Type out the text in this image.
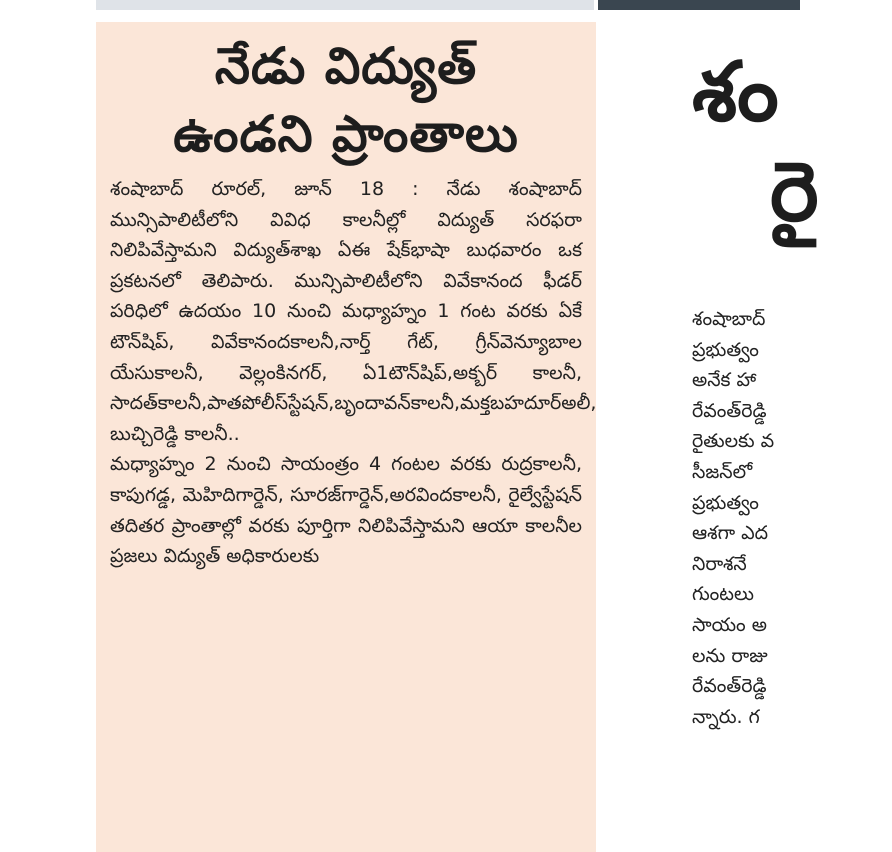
నేడు విద్యుత్
ఉండని ప్రాంతాలు

శంషాబాద్ రూరల్, జూన్ 18 : నేడు శంషాబాద్ మున్సిపాలిటీలోని వివిధ కాలనీల్లో విద్యుత్ సరఫరా నిలిపివేస్తామని విద్యుత్‌శాఖ ఏఈ షేక్‌భాషా బుధవారం ఒక ప్రకటనలో తెలిపారు. మున్సిపాలిటీలోని వివేకానంద ఫీడర్ పరిధిలో ఉదయం 10 నుంచి మధ్యాహ్నం 1 గంట వరకు ఏకే టౌన్‌షిప్, వివేకానందకాలనీ,నార్త్ గేట్, గ్రీన్‌వెన్యూబాల యేసుకాలనీ, వెల్లంకినగర్, ఏ1టౌన్‌షిప్,అక్బర్ కాలనీ, సాదత్‌కాలనీ,పాతపోలీస్‌స్టేషన్,బృందావన్‌కాలనీ,మక్తబహదూర్అలీ, బుచ్చిరెడ్డి కాలనీ..

మధ్యాహ్నం 2 నుంచి సాయంత్రం 4 గంటల వరకు రుద్రకాలనీ, కాపుగడ్డ, మెహిదిగార్డెన్, సూరజ్‌గార్డెన్,అరవిందకాలనీ, రైల్వేస్టేషన్ తదితర ప్రాంతాల్లో వరకు పూర్తిగా నిలిపివేస్తామని ఆయా కాలనీల ప్రజలు విద్యుత్ అధికారులకు

శం
రై
శంషాబాద్
ప్రభుత్వం
అనేక హా
రేవంత్‌రెడ్డి
రైతులకు వ
సీజన్‌లో
ప్రభుత్వం
ఆశగా ఎద
నిరాశనే
గుంటలు
సాయం అ
లను రాజు
రేవంత్‌రెడ్డి
న్నారు. గ
